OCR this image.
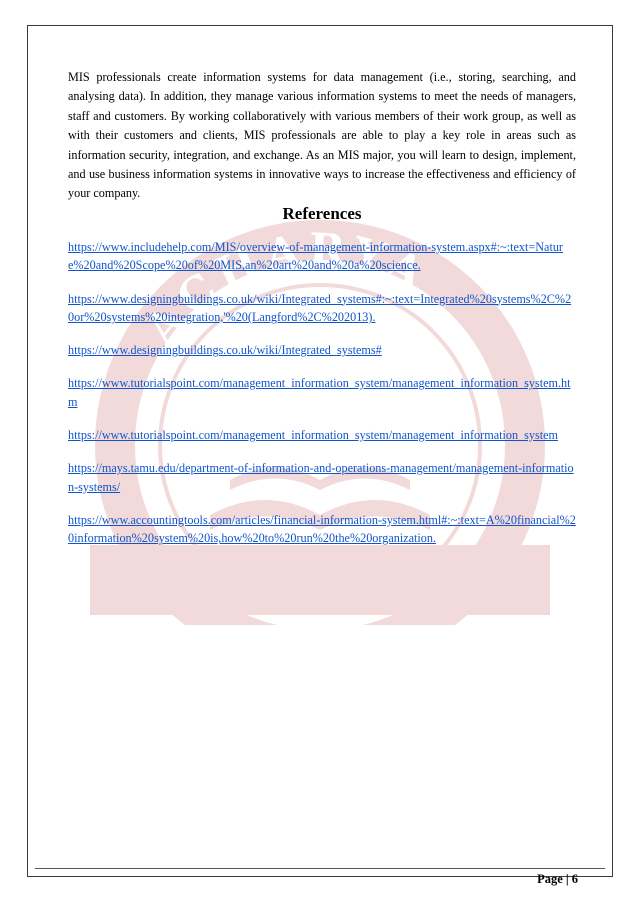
ACHARYA

MIS professionals create information systems for data management (i.e., storing, searching, and analysing data). In addition, they manage various information systems to meet the needs of managers, staff and customers. By working collaboratively with various members of their work group, as well as with their customers and clients, MIS professionals are able to play a key role in areas such as information security, integration, and exchange. As an MIS major, you will learn to design, implement, and use business information systems in innovative ways to increase the effectiveness and efficiency of your company.

References
https://www.includehelp.com/MIS/overview-of-management-information-system.aspx#:~:text=Nature%20and%20Scope%20of%20MIS,an%20art%20and%20a%20science.
https://www.designingbuildings.co.uk/wiki/Integrated_systems#:~:text=Integrated%20systems%2C%20or%20systems%20integration,'%20(Langford%2C%202013).
https://www.designingbuildings.co.uk/wiki/Integrated_systems#
https://www.tutorialspoint.com/management_information_system/management_information_system.htm
https://www.tutorialspoint.com/management_information_system/management_information_system
https://mays.tamu.edu/department-of-information-and-operations-management/management-information-systems/
https://www.accountingtools.com/articles/financial-information-system.html#:~:text=A%20financial%20information%20system%20is,how%20to%20run%20the%20organization.
Page | 6
